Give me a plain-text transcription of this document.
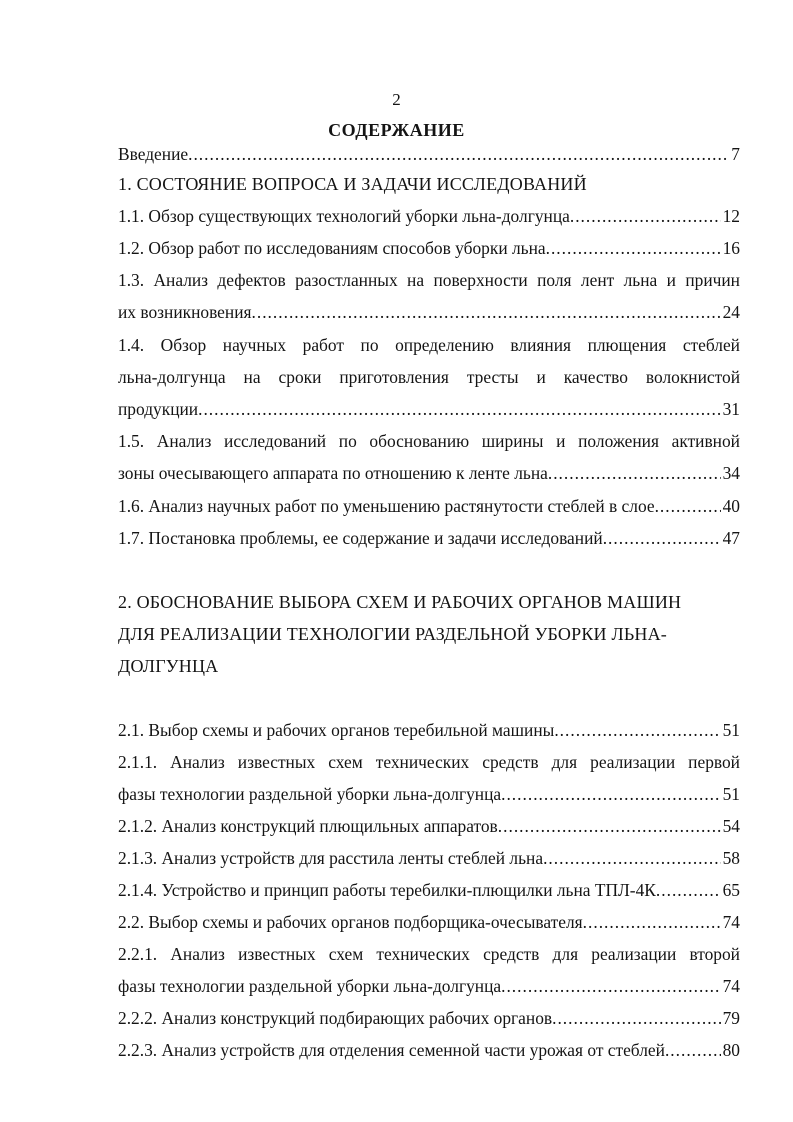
2
СОДЕРЖАНИЕ
Введение .....	7
1. СОСТОЯНИЕ ВОПРОСА И ЗАДАЧИ ИССЛЕДОВАНИЙ
1.1. Обзор существующих технологий уборки льна-долгунца .....	12
1.2. Обзор работ по исследованиям способов уборки льна .....	16
1.3. Анализ дефектов разостланных на поверхности поля лент льна и причин
их возникновения .....	24
1.4. Обзор научных работ по определению влияния плющения стеблей
льна-долгунца на сроки приготовления тресты и качество волокнистой
продукции .....	31
1.5. Анализ исследований по обоснованию ширины и положения активной
зоны очесывающего аппарата по отношению к ленте льна .....	34
1.6. Анализ научных работ по уменьшению растянутости стеблей в слое .....	40
1.7. Постановка проблемы, ее содержание и задачи исследований .....	47
2. ОБОСНОВАНИЕ ВЫБОРА СХЕМ И РАБОЧИХ ОРГАНОВ МАШИН
ДЛЯ РЕАЛИЗАЦИИ ТЕХНОЛОГИИ РАЗДЕЛЬНОЙ УБОРКИ ЛЬНА-
ДОЛГУНЦА
2.1. Выбор схемы и рабочих органов теребильной машины .....	51
2.1.1. Анализ известных схем технических средств для реализации первой
фазы технологии раздельной уборки льна-долгунца .....	51
2.1.2. Анализ конструкций плющильных аппаратов .....	54
2.1.3. Анализ устройств для расстила ленты стеблей льна .....	58
2.1.4. Устройство и принцип работы теребилки-плющилки льна ТПЛ-4К .....	65
2.2. Выбор схемы и рабочих органов подборщика-очесывателя .....	74
2.2.1. Анализ известных схем технических средств для реализации второй
фазы технологии раздельной уборки льна-долгунца .....	74
2.2.2. Анализ конструкций подбирающих рабочих органов .....	79
2.2.3. Анализ устройств для отделения семенной части урожая от стеблей .....	80
